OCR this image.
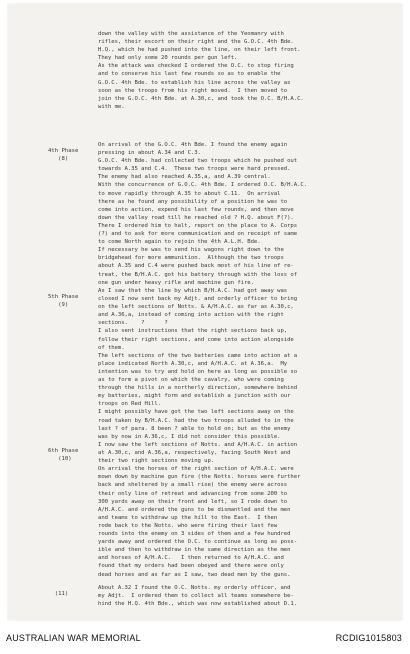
down the valley with the assistance of the Yeomanry with
rifles, their escort on their right and the G.O.C. 4th Bde.
H.Q., which he had pushed into the line, on their left front.
They had only some 20 rounds per gun left.
As the attack was checked I ordered the O.C. to stop firing
and to conserve his last few rounds so as to enable the
G.O.C. 4th Bde. to establish his line across the valley as
soon as the troops from his right moved.  I then moved to
join the G.O.C. 4th Bde. at A.30,c, and took the O.C. B/H.A.C.
with me.
4th Phase
(8)
On arrival of the G.O.C. 4th Bde. I found the enemy again
pressing in about A.34 and C.3.
G.O.C. 4th Bde. had collected two troops which he pushed out
towards A.35 and C.4.  These two troops were hard pressed.
The enemy had also reached A.35,a, and A.39 central.
With the concurrence of G.O.C. 4th Bde. I ordered O.C. B/H.A.C.
to move rapidly through A.35 to about C.11.  On arrival
there as he found any possibility of a position he was to
come into action, expend his last few rounds, and then move
down the valley road till he reached old ? H.Q. about F(?).
There I ordered him to halt, report on the place to A. Corps
(?) and to ask for more communication and on receipt of same
to come North again to rejoin the 4th A.L.H. Bde.
If necessary he was to send his wagons right down to the
bridgehead for more ammunition.  Although the two troops
about A.35 and C.4 were pushed back most of his line of re-
treat, the B/H.A.C. got his battery through with the loss of
one gun under heavy rifle and machine gun fire.
5th Phase
(9)
As I saw that the line by which B/H.A.C. had got away was
closed I now sent back my Adjt. and orderly officer to bring
on the left sections of Notts. & A/H.A.C. as far as A.30,c,
and A.36,a, instead of coming into action with the right
sections.    ?      ?
I also sent instructions that the right sections back up,
follow their right sections, and come into action alongside
of them.
The left sections of the two batteries came into action at a
place indicated North A.30,c, and A/H.A.C. at A.36,a.  My
intention was to try and hold on here as long as possible so
as to form a pivot on which the cavalry, who were coming
through the hills in a northerly direction, somewhere behind
my batteries, might form and establish a junction with our
troops on Red Hill.
I might possibly have got the two left sections away on the
road taken by B/H.A.C. had the two troops alluded to in the
last ? of para. 8 been ? able to hold on; but as the enemy
was by now in A.36,c, I did not consider this possible.
6th Phase
(10)
I now saw the left sections of Notts. and A/H.A.C. in action
at A.30,c, and A.36,a, respectively, facing South West and
their two right sections moving up.
On arrival the horses of the right section of A/H.A.C. were
mown down by machine gun fire (the Notts. horses were further
back and sheltered by a small rise) the enemy were across
their only line of retreat and advancing from some 200 to
300 yards away on their front and left, so I rode down to
A/H.A.C. and ordered the guns to be dismantled and the men
and teams to withdraw up the hill to the East.  I then
rode back to the Notts. who were firing their last few
rounds into the enemy on 3 sides of them and a few hundred
yards away and ordered the O.C. to continue as long as poss-
ible and then to withdraw in the same direction as the men
and horses of A/H.A.C.   I then returned to A/H.A.C. and
found that my orders had been obeyed and there were only
dead horses and as far as I saw, two dead men by the guns.
(11)
About A.32 I found the O.C. Notts. my orderly officer, and
my Adjt.  I ordered them to collect all teams somewhere be-
hind the H.Q. 4th Bde., which was now established about D.1.
AUSTRALIAN WAR MEMORIAL	RCDIG1015803
